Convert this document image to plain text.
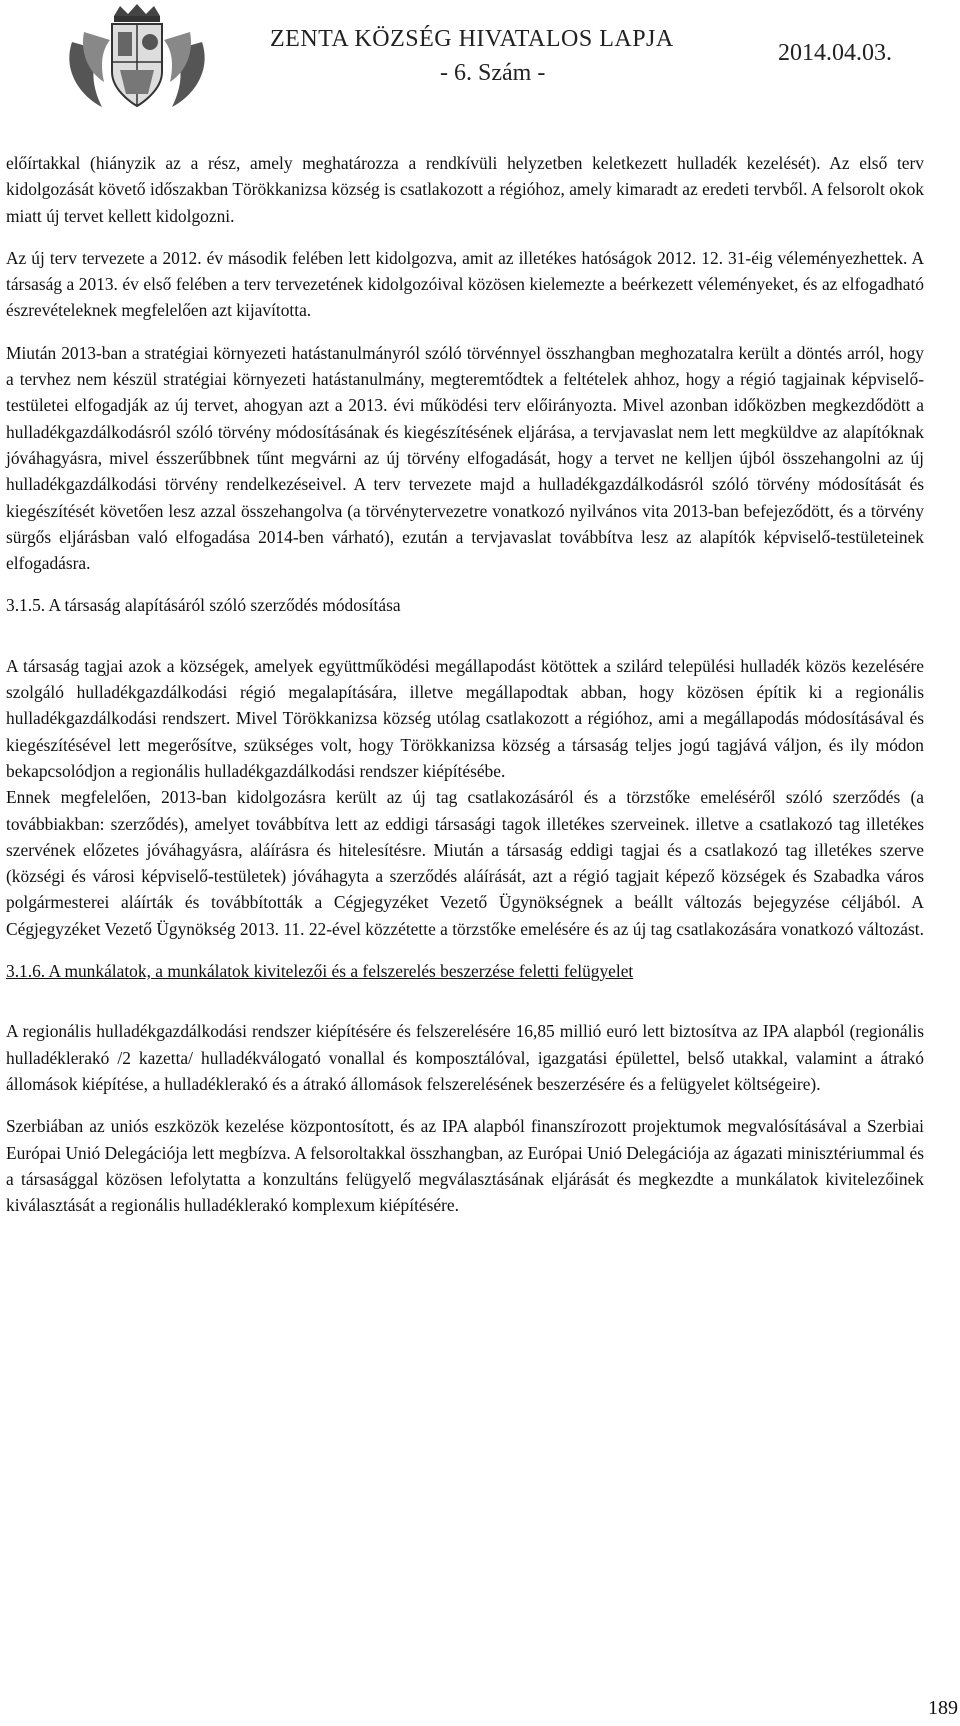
ZENTA KÖZSÉG HIVATALOS LAPJA
- 6. Szám -
2014.04.03.

előírtakkal (hiányzik az a rész, amely meghatározza a rendkívüli helyzetben keletkezett hulladék kezelését). Az első terv kidolgozását követő időszakban Törökkanizsa község is csatlakozott a régióhoz, amely kimaradt az eredeti tervből. A felsorolt okok miatt új tervet kellett kidolgozni.

Az új terv tervezete a 2012. év második felében lett kidolgozva, amit az illetékes hatóságok 2012. 12. 31-éig véleményezhettek. A társaság a 2013. év első felében a terv tervezetének kidolgozóival közösen kielemezte a beérkezett véleményeket, és az elfogadható észrevételeknek megfelelően azt kijavította.

Miután 2013-ban a stratégiai környezeti hatástanulmányról szóló törvénnyel összhangban meghozatalra került a döntés arról, hogy a tervhez nem készül stratégiai környezeti hatástanulmány, megteremtődtek a feltételek ahhoz, hogy a régió tagjainak képviselő-testületei elfogadják az új tervet, ahogyan azt a 2013. évi működési terv előirányozta. Mivel azonban időközben megkezdődött a hulladékgazdálkodásról szóló törvény módosításának és kiegészítésének eljárása, a tervjavaslat nem lett megküldve az alapítóknak jóváhagyásra, mivel ésszerűbbnek tűnt megvárni az új törvény elfogadását, hogy a tervet ne kelljen újból összehangolni az új hulladékgazdálkodási törvény rendelkezéseivel. A terv tervezete majd a hulladékgazdálkodásról szóló törvény módosítását és kiegészítését követően lesz azzal összehangolva (a törvénytervezetre vonatkozó nyilvános vita 2013-ban befejeződött, és a törvény sürgős eljárásban való elfogadása 2014-ben várható), ezután a tervjavaslat továbbítva lesz az alapítók képviselő-testületeinek elfogadásra.

3.1.5. A társaság alapításáról szóló szerződés módosítása

A társaság tagjai azok a községek, amelyek együttműködési megállapodást kötöttek a szilárd települési hulladék közös kezelésére szolgáló hulladékgazdálkodási régió megalapítására, illetve megállapodtak abban, hogy közösen építik ki a regionális hulladékgazdálkodási rendszert. Mivel Törökkanizsa község utólag csatlakozott a régióhoz, ami a megállapodás módosításával és kiegészítésével lett megerősítve, szükséges volt, hogy Törökkanizsa község a társaság teljes jogú tagjává váljon, és ily módon bekapcsolódjon a regionális hulladékgazdálkodási rendszer kiépítésébe.

Ennek megfelelően, 2013-ban kidolgozásra került az új tag csatlakozásáról és a törzstőke emeléséről szóló szerződés (a továbbiakban: szerződés), amelyet továbbítva lett az eddigi társasági tagok illetékes szerveinek. illetve a csatlakozó tag illetékes szervének előzetes jóváhagyásra, aláírásra és hitelesítésre. Miután a társaság eddigi tagjai és a csatlakozó tag illetékes szerve (községi és városi képviselő-testületek) jóváhagyta a szerződés aláírását, azt a régió tagjait képező községek és Szabadka város polgármesterei aláírták és továbbították a Cégjegyzéket Vezető Ügynökségnek a beállt változás bejegyzése céljából. A Cégjegyzéket Vezető Ügynökség 2013. 11. 22-ével közzétette a törzstőke emelésére és az új tag csatlakozására vonatkozó változást.

3.1.6. A munkálatok, a munkálatok kivitelezői és a felszerelés beszerzése feletti felügyelet

A regionális hulladékgazdálkodási rendszer kiépítésére és felszerelésére 16,85 millió euró lett biztosítva az IPA alapból (regionális hulladéklerakó /2 kazetta/ hulladékválogató vonallal és komposztálóval, igazgatási épülettel, belső utakkal, valamint a átrakó állomások kiépítése, a hulladéklerakó és a átrakó állomások felszerelésének beszerzésére és a felügyelet költségeire).

Szerbiában az uniós eszközök kezelése központosított, és az IPA alapból finanszírozott projektumok megvalósításával a Szerbiai Európai Unió Delegációja lett megbízva. A felsoroltakkal összhangban, az Európai Unió Delegációja az ágazati minisztériummal és a társasággal közösen lefolytatta a konzultáns felügyelő megválasztásának eljárását és megkezdte a munkálatok kivitelezőinek kiválasztását a regionális hulladéklerakó komplexum kiépítésére.

189
